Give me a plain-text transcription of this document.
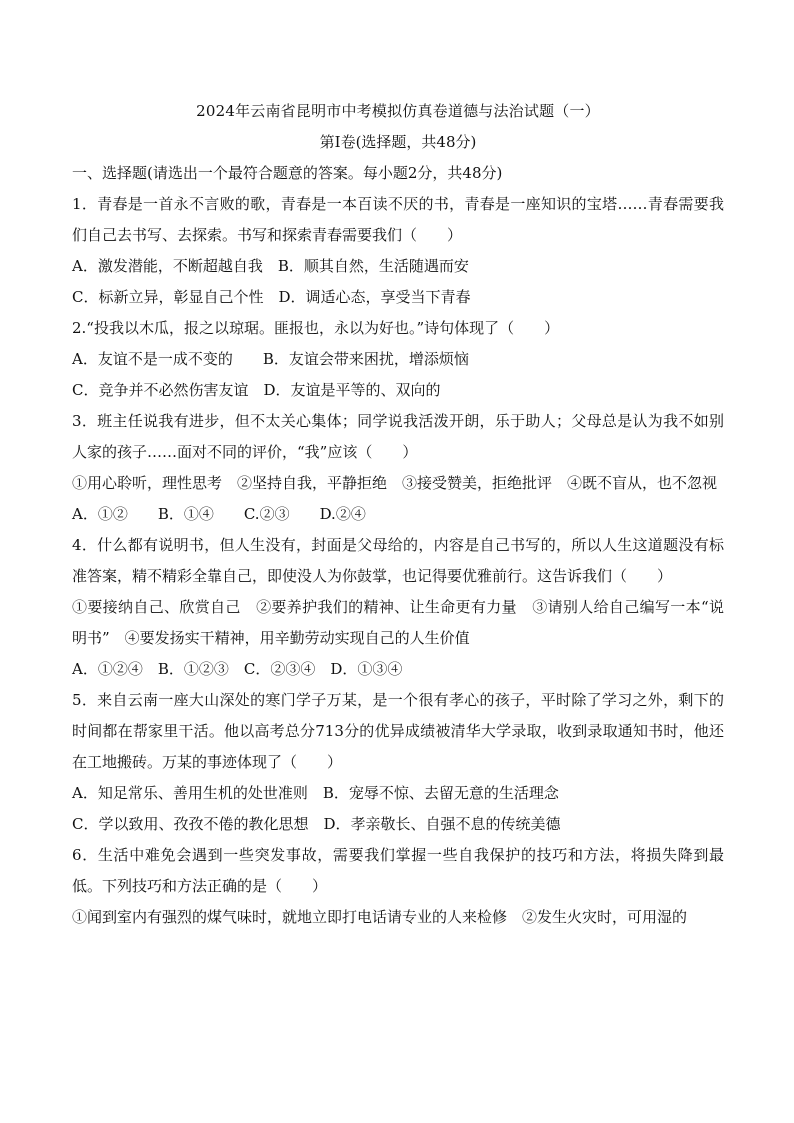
2024年云南省昆明市中考模拟仿真卷道德与法治试题（一）

第Ⅰ卷(选择题，共48分)

一、选择题(请选出一个最符合题意的答案。每小题2分，共48分)

1．青春是一首永不言败的歌，青春是一本百读不厌的书，青春是一座知识的宝塔……青春需要我们自己去书写、去探索。书写和探索青春需要我们（　　）

A．激发潜能，不断超越自我　B．顺其自然，生活随遇而安

C．标新立异，彰显自己个性　D．调适心态，享受当下青春

2.“投我以木瓜，报之以琼琚。匪报也，永以为好也。”诗句体现了（　　）

A．友谊不是一成不变的　　B．友谊会带来困扰，增添烦恼

C．竞争并不必然伤害友谊　D．友谊是平等的、双向的

3．班主任说我有进步，但不太关心集体；同学说我活泼开朗，乐于助人；父母总是认为我不如别人家的孩子……面对不同的评价，“我”应该（　　）

①用心聆听，理性思考　②坚持自我，平静拒绝　③接受赞美，拒绝批评　④既不盲从，也不忽视

A．①②　　B．①④　　C.②③　　D.②④

4．什么都有说明书，但人生没有，封面是父母给的，内容是自己书写的，所以人生这道题没有标准答案，精不精彩全靠自己，即使没人为你鼓掌，也记得要优雅前行。这告诉我们（　　）

①要接纳自己、欣赏自己　②要养护我们的精神、让生命更有力量　③请别人给自己编写一本“说明书”　④要发扬实干精神，用辛勤劳动实现自己的人生价值

A．①②④　B．①②③　C．②③④　D．①③④

5．来自云南一座大山深处的寒门学子万某，是一个很有孝心的孩子，平时除了学习之外，剩下的时间都在帮家里干活。他以高考总分713分的优异成绩被清华大学录取，收到录取通知书时，他还在工地搬砖。万某的事迹体现了（　　）

A．知足常乐、善用生机的处世准则　B．宠辱不惊、去留无意的生活理念

C．学以致用、孜孜不倦的教化思想　D．孝亲敬长、自强不息的传统美德

6．生活中难免会遇到一些突发事故，需要我们掌握一些自我保护的技巧和方法，将损失降到最低。下列技巧和方法正确的是（　　）

①闻到室内有强烈的煤气味时，就地立即打电话请专业的人来检修　②发生火灾时，可用湿的
